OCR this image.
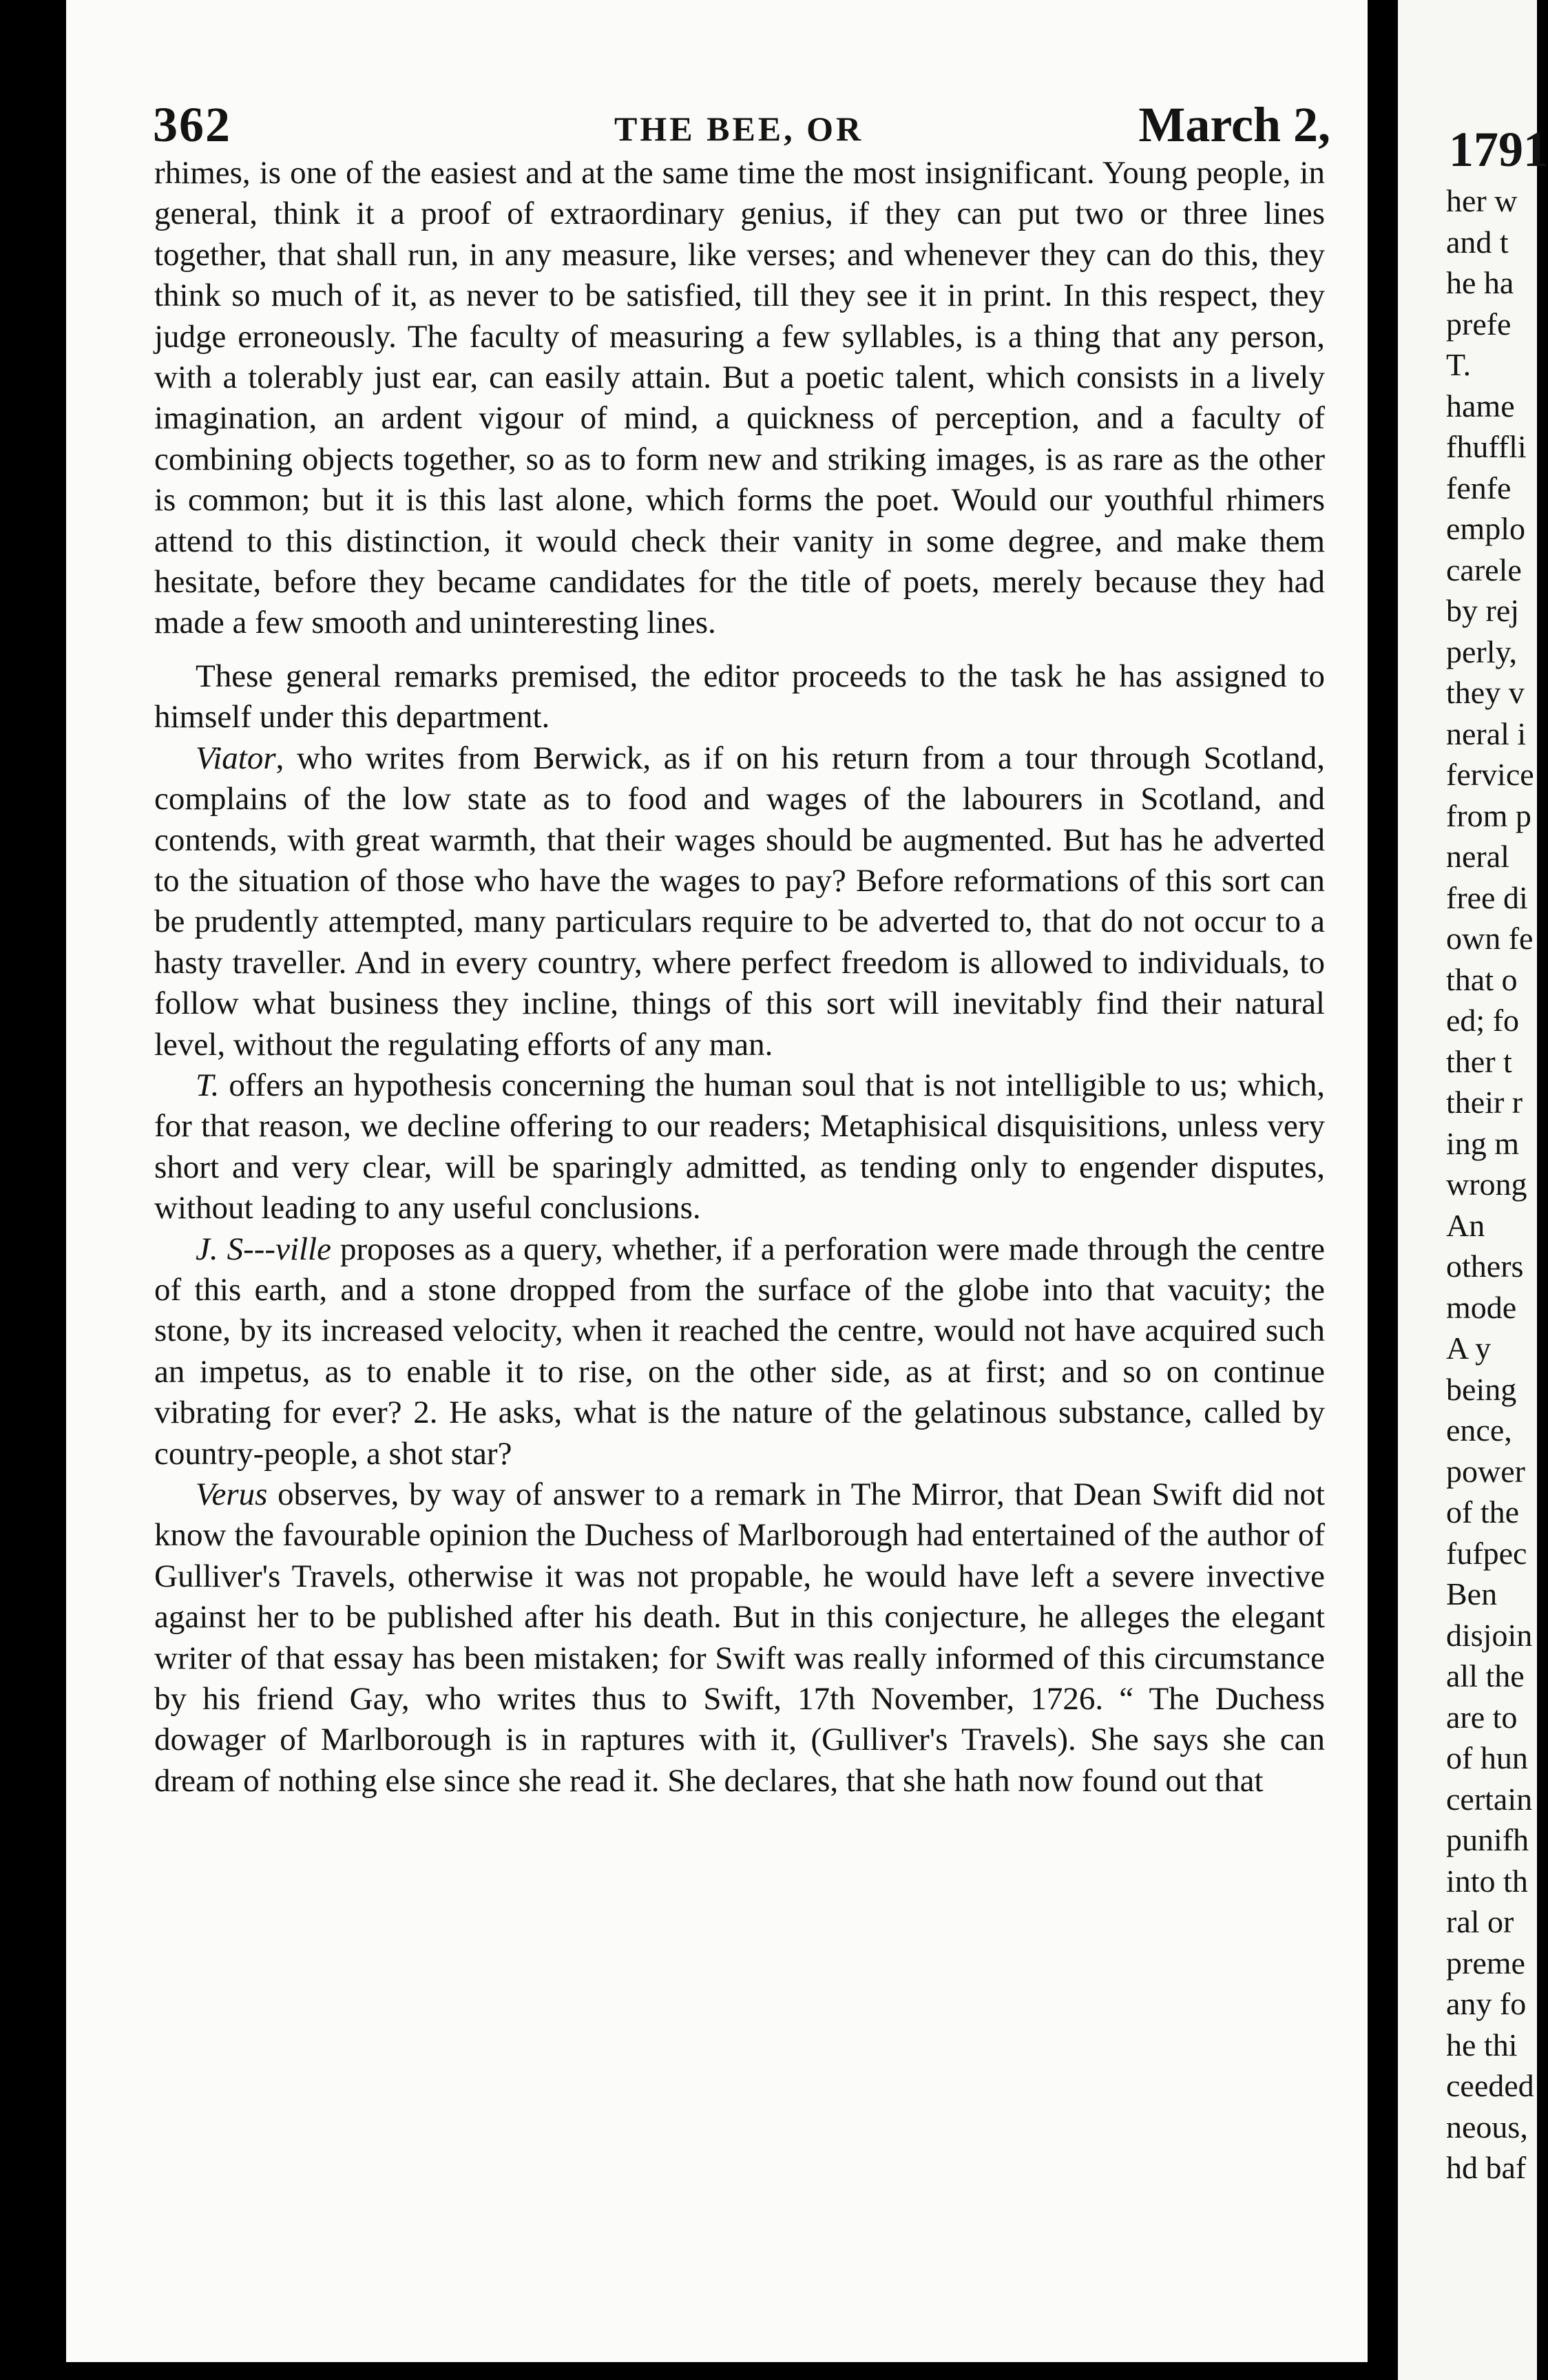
362	THE BEE, OR	March 2,

rhimes, is one of the easiest and at the same time the most insignificant. Young people, in general, think it a proof of extraordinary genius, if they can put two or three lines together, that shall run, in any measure, like verses; and whenever they can do this, they think so much of it, as never to be satisfied, till they see it in print. In this respect, they judge erroneously. The faculty of measuring a few syllables, is a thing that any person, with a tolerably just ear, can easily attain. But a poetic talent, which consists in a lively imagination, an ardent vigour of mind, a quickness of perception, and a faculty of combining objects together, so as to form new and striking images, is as rare as the other is common; but it is this last alone, which forms the poet. Would our youthful rhimers attend to this distinction, it would check their vanity in some degree, and make them hesitate, before they became candidates for the title of poets, merely because they had made a few smooth and uninteresting lines.

These general remarks premised, the editor proceeds to the task he has assigned to himself under this department.

Viator, who writes from Berwick, as if on his return from a tour through Scotland, complains of the low state as to food and wages of the labourers in Scotland, and contends, with great warmth, that their wages should be augmented. But has he adverted to the situation of those who have the wages to pay? Before reformations of this sort can be prudently attempted, many particulars require to be adverted to, that do not occur to a hasty traveller. And in every country, where perfect freedom is allowed to individuals, to follow what business they incline, things of this sort will inevitably find their natural level, without the regulating efforts of any man.

T. offers an hypothesis concerning the human soul that is not intelligible to us; which, for that reason, we decline offering to our readers; Metaphisical disquisitions, unless very short and very clear, will be sparingly admitted, as tending only to engender disputes, without leading to any useful conclusions.

J. S---ville proposes as a query, whether, if a perforation were made through the centre of this earth, and a stone dropped from the surface of the globe into that vacuity; the stone, by its increased velocity, when it reached the centre, would not have acquired such an impetus, as to enable it to rise, on the other side, as at first; and so on continue vibrating for ever? 2. He asks, what is the nature of the gelatinous substance, called by country-people, a shot star?

Verus observes, by way of answer to a remark in The Mirror, that Dean Swift did not know the favourable opinion the Duchess of Marlborough had entertained of the author of Gulliver's Travels, otherwise it was not propable, he would have left a severe invective against her to be published after his death. But in this conjecture, he alleges the elegant writer of that essay has been mistaken; for Swift was really informed of this circumstance by his friend Gay, who writes thus to Swift, 17th November, 1726. “ The Duchess dowager of Marlborough is in raptures with it, (Gulliver's Travels). She says she can dream of nothing else since she read it. She declares, that she hath now found out that

1791
her w
and t
he ha
prefe
T.
hame
fhuffli
fenfe
emplo
carele
by rej
perly,
they v
neral i
fervice
from p
neral
free di
own fe
that o
ed; fo
ther t
their r
ing m
wrong
An
others
mode
A y
being
ence,
power
of the
fufpec
Ben
disjoin
all the
are to
of hun
certain
punifh
into th
ral or
preme
any fo
he thi
ceeded
neous,
hd baf
